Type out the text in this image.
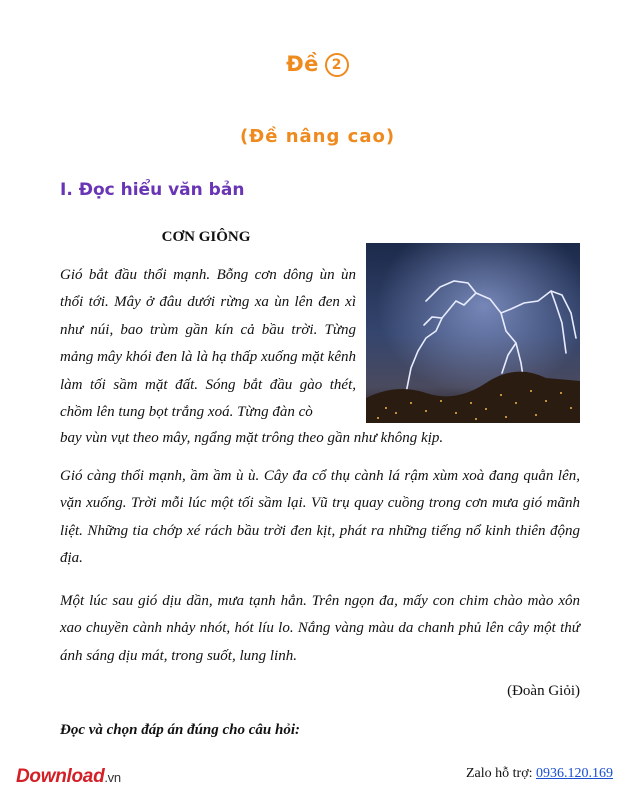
Đề 2
(Đề nâng cao)
I. Đọc hiểu văn bản
CƠN GIÔNG

Gió bắt đầu thổi mạnh. Bỗng cơn dông ùn ùn thổi tới. Mây ở đâu dưới rừng xa ùn lên đen xì như núi, bao trùm gần kín cả bầu trời. Từng mảng mây khói đen là là hạ thấp xuống mặt kênh làm tối sầm mặt đất. Sóng bắt đầu gào thét, chồm lên tung bọt trắng xoá. Từng đàn cò

bay vùn vụt theo mây, ngẩng mặt trông theo gần như không kịp.

Gió càng thổi mạnh, ầm ầm ù ù. Cây đa cổ thụ cành lá rậm xùm xoà đang quằn lên, vặn xuống. Trời mỗi lúc một tối sầm lại. Vũ trụ quay cuồng trong cơn mưa gió mãnh liệt. Những tia chớp xé rách bầu trời đen kịt, phát ra những tiếng nổ kinh thiên động địa.

Một lúc sau gió dịu dần, mưa tạnh hẳn. Trên ngọn đa, mấy con chim chào mào xôn xao chuyền cành nhảy nhót, hót líu lo. Nắng vàng màu da chanh phủ lên cây một thứ ánh sáng dịu mát, trong suốt, lung linh.

(Đoàn Giỏi)
Đọc và chọn đáp án đúng cho câu hỏi:
Download.vn	Zalo hỗ trợ: 0936.120.169
